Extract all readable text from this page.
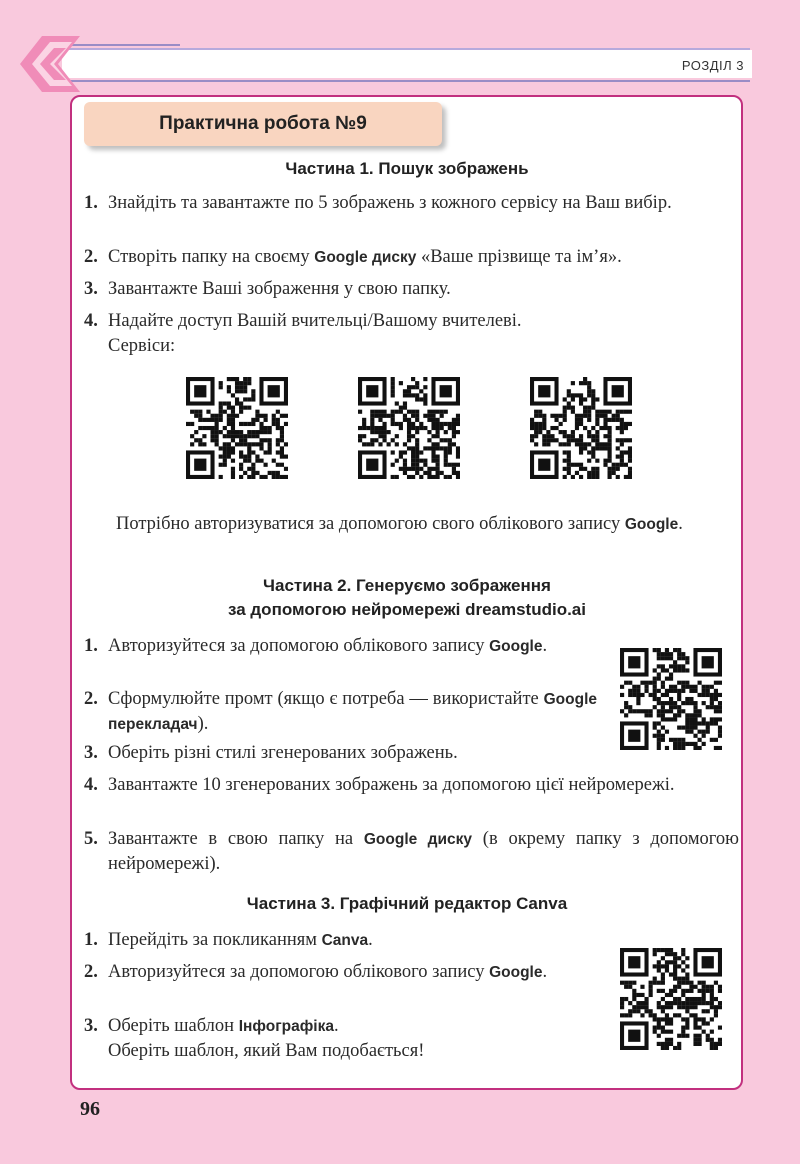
РОЗДІЛ 3
Практична робота №9
Частина 1. Пошук зображень
1. Знайдіть та завантажте по 5 зображень з кожного сервісу на Ваш вибір.
2. Створіть папку на своєму Google диску «Ваше прізвище та ім’я».
3. Завантажте Ваші зображення у свою папку.
4. Надайте доступ Вашій вчительці/Вашому вчителеві.
Сервіси:
Потрібно авторизуватися за допомогою свого облікового запису Google.
Частина 2. Генеруємо зображення
за допомогою нейромережі dreamstudio.ai
1. Авторизуйтеся за допомогою облікового запису Google.
2. Сформулюйте промт (якщо є потреба — використайте Google перекладач).
3. Оберіть різні стилі згенерованих зображень.
4. Завантажте 10 згенерованих зображень за допомогою цієї нейромережі.
5. Завантажте в свою папку на Google диску (в окрему папку з допомогою нейромережі).
Частина 3. Графічний редактор Canva
1. Перейдіть за покликанням Canva.
2. Авторизуйтеся за допомогою облікового запису Google.
3. Оберіть шаблон Інфографіка.
Оберіть шаблон, який Вам подобається!
96
